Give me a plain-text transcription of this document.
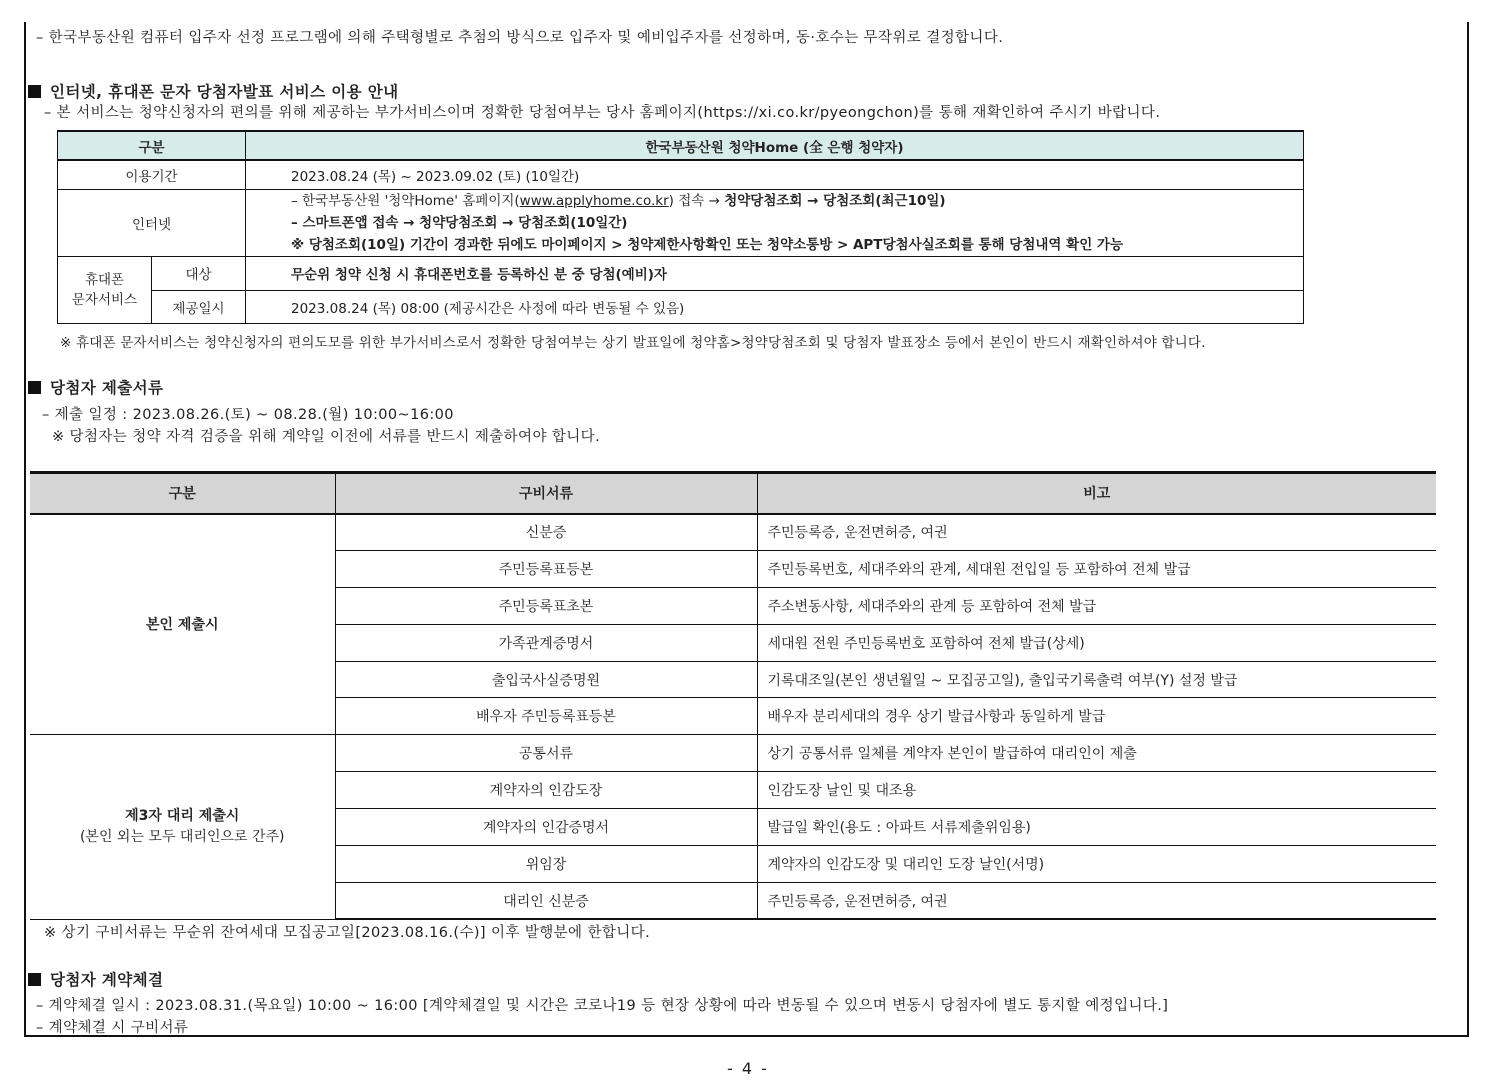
– 한국부동산원 컴퓨터 입주자 선정 프로그램에 의해 주택형별로 추첨의 방식으로 입주자 및 예비입주자를 선정하며, 동·호수는 무작위로 결정합니다.
인터넷, 휴대폰 문자 당첨자발표 서비스 이용 안내
– 본 서비스는 청약신청자의 편의를 위해 제공하는 부가서비스이며 정확한 당첨여부는 당사 홈페이지(https://xi.co.kr/pyeongchon)를 통해 재확인하여 주시기 바랍니다.
구분		한국부동산원 청약Home (全 은행 청약자)
이용기간		2023.08.24 (목) ~ 2023.09.02 (토) (10일간)
인터넷		– 한국부동산원 '청약Home' 홈페이지(www.applyhome.co.kr) 접속 → 청약당첨조회 → 당첨조회(최근10일)
– 스마트폰앱 접속 → 청약당첨조회 → 당첨조회(10일간)
※ 당첨조회(10일) 기간이 경과한 뒤에도 마이페이지 > 청약제한사항확인 또는 청약소통방 > APT당첨사실조회를 통해 당첨내역 확인 가능

휴대폰
문자서비스	대상	무순위 청약 신청 시 휴대폰번호를 등록하신 분 중 당첨(예비)자
	제공일시	2023.08.24 (목) 08:00 (제공시간은 사정에 따라 변동될 수 있음)
※ 휴대폰 문자서비스는 청약신청자의 편의도모를 위한 부가서비스로서 정확한 당첨여부는 상기 발표일에 청약홈>청약당첨조회 및 당첨자 발표장소 등에서 본인이 반드시 재확인하셔야 합니다.
당첨자 제출서류
– 제출 일정 : 2023.08.26.(토) ~ 08.28.(월) 10:00~16:00
※ 당첨자는 청약 자격 검증을 위해 계약일 이전에 서류를 반드시 제출하여야 합니다.
구분	구비서류	비고
본인 제출시	신분증	주민등록증, 운전면허증, 여권
	주민등록표등본	주민등록번호, 세대주와의 관계, 세대원 전입일 등 포함하여 전체 발급
	주민등록표초본	주소변동사항, 세대주와의 관계 등 포함하여 전체 발급
	가족관계증명서	세대원 전원 주민등록번호 포함하여 전체 발급(상세)
	출입국사실증명원	기록대조일(본인 생년월일 ~ 모집공고일), 출입국기록출력 여부(Y) 설정 발급
	배우자 주민등록표등본	배우자 분리세대의 경우 상기 발급사항과 동일하게 발급

제3자 대리 제출시
(본인 외는 모두 대리인으로 간주)	공통서류	상기 공통서류 일체를 계약자 본인이 발급하여 대리인이 제출
	계약자의 인감도장	인감도장 날인 및 대조용
	계약자의 인감증명서	발급일 확인(용도 : 아파트 서류제출위임용)
	위임장	계약자의 인감도장 및 대리인 도장 날인(서명)
	대리인 신분증	주민등록증, 운전면허증, 여권
※ 상기 구비서류는 무순위 잔여세대 모집공고일[2023.08.16.(수)] 이후 발행분에 한합니다.
당첨자 계약체결
– 계약체결 일시 : 2023.08.31.(목요일) 10:00 ~ 16:00 [계약체결일 및 시간은 코로나19 등 현장 상황에 따라 변동될 수 있으며 변동시 당첨자에 별도 통지할 예정입니다.]
– 계약체결 시 구비서류
- 4 -
